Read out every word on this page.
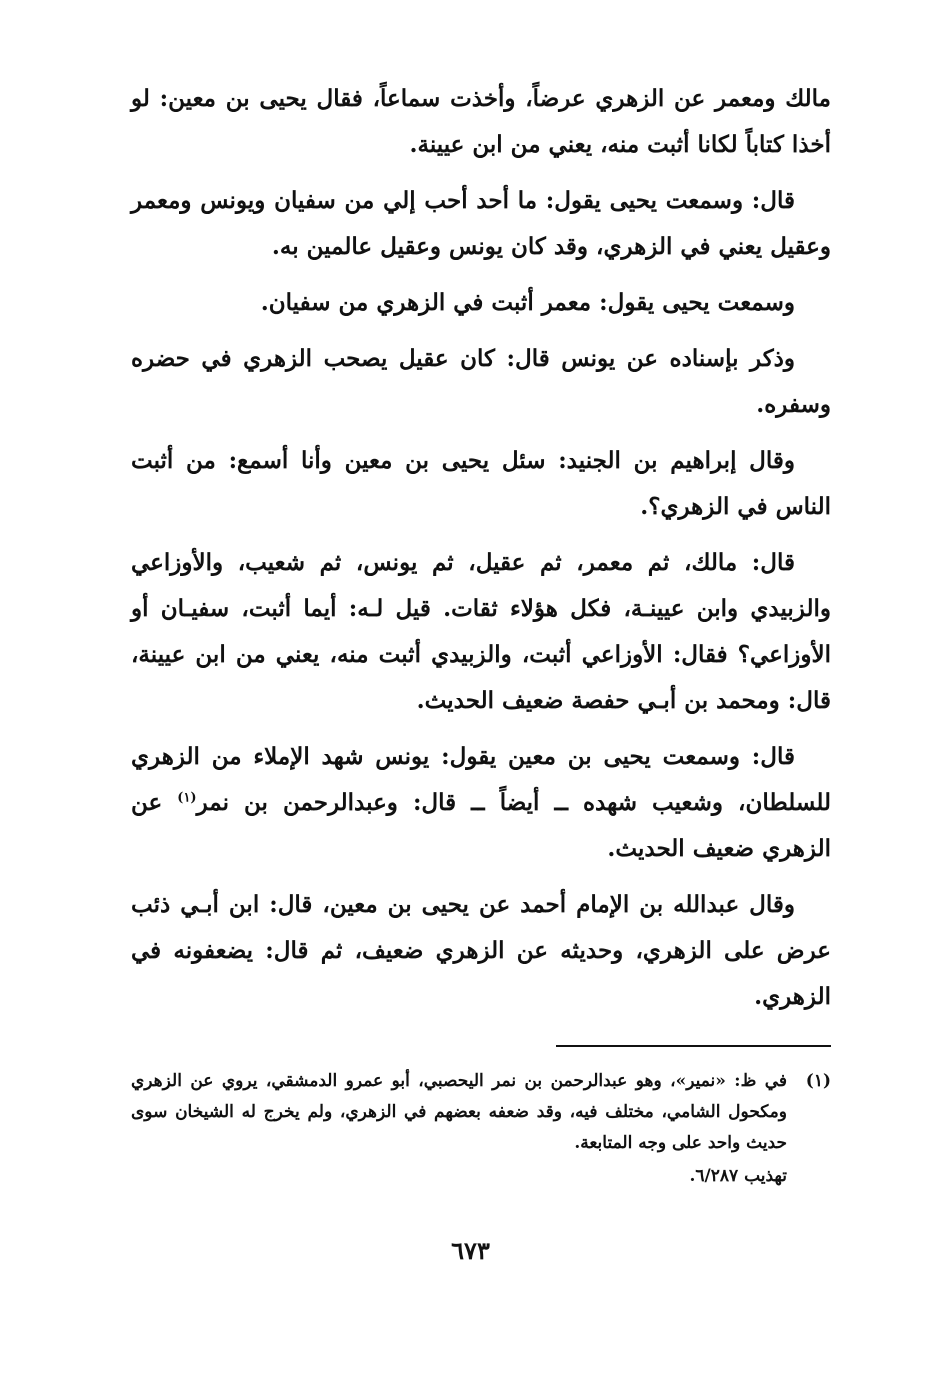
مالك ومعمر عن الزهري عرضاً، وأخذت سماعاً، فقال يحيى بن معين: لو أخذا كتاباً لكانا أثبت منه، يعني من ابن عيينة.

قال: وسمعت يحيى يقول: ما أحد أحب إلي من سفيان ويونس ومعمر وعقيل يعني في الزهري، وقد كان يونس وعقيل عالمين به.

وسمعت يحيى يقول: معمر أثبت في الزهري من سفيان.

وذكر بإسناده عن يونس قال: كان عقيل يصحب الزهري في حضره وسفره.

وقال إبراهيم بن الجنيد: سئل يحيى بن معين وأنا أسمع: من أثبت الناس في الزهري؟.

قال: مالك، ثم معمر، ثم عقيل، ثم يونس، ثم شعيب، والأوزاعي والزبيدي وابن عيينـة، فكل هؤلاء ثقات. قيل لـه: أيما أثبت، سفيـان أو الأوزاعي؟ فقال: الأوزاعي أثبت، والزبيدي أثبت منه، يعني من ابن عيينة، قال: ومحمد بن أبـي حفصة ضعيف الحديث.

قال: وسمعت يحيى بن معين يقول: يونس شهد الإملاء من الزهري للسلطان، وشعيب شهده ــ أيضاً ــ قال: وعبدالرحمن بن نمر$^{(١)}$ عن الزهري ضعيف الحديث.

وقال عبدالله بن الإمام أحمد عن يحيى بن معين، قال: ابن أبـي ذئب عرض على الزهري، وحديثه عن الزهري ضعيف، ثم قال: يضعفونه في الزهري.

(١)
في ظ: «نمير»، وهو عبدالرحمن بن نمر اليحصبي، أبو عمرو الدمشقي، يروي عن الزهري ومكحول الشامي، مختلف فيه، وقد ضعفه بعضهم في الزهري، ولم يخرج له الشيخان سوى حديث واحد على وجه المتابعة.

تهذيب ٦/٢٨٧.

٦٧٣
